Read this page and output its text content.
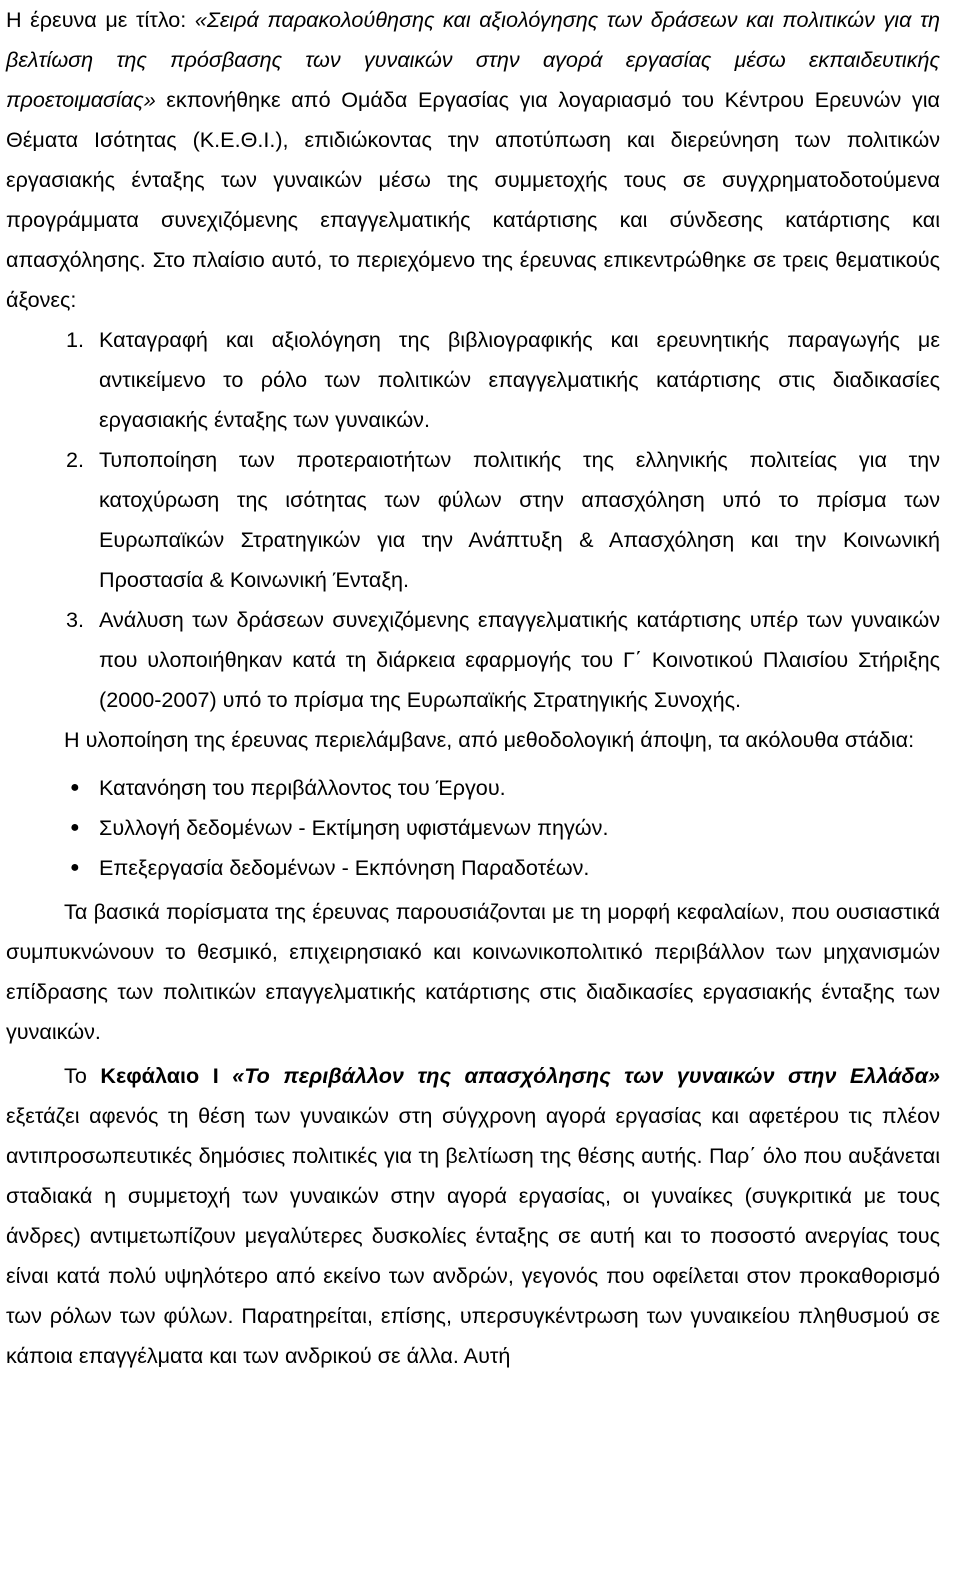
Η έρευνα με τίτλο: «Σειρά παρακολούθησης και αξιολόγησης των δράσεων και πολιτικών για τη βελτίωση της πρόσβασης των γυναικών στην αγορά εργασίας μέσω εκπαιδευτικής προετοιμασίας» εκπονήθηκε από Ομάδα Εργασίας για λογαριασμό του Κέντρου Ερευνών για Θέματα Ισότητας (Κ.Ε.Θ.Ι.), επιδιώκοντας την αποτύπωση και διερεύνηση των πολιτικών εργασιακής ένταξης των γυναικών μέσω της συμμετοχής τους σε συγχρηματοδοτούμενα προγράμματα συνεχιζόμενης επαγγελματικής κατάρτισης και σύνδεσης κατάρτισης και απασχόλησης. Στο πλαίσιο αυτό, το περιεχόμενο της έρευνας επικεντρώθηκε σε τρεις θεματικούς άξονες:

1. Καταγραφή και αξιολόγηση της βιβλιογραφικής και ερευνητικής παραγωγής με αντικείμενο το ρόλο των πολιτικών επαγγελματικής κατάρτισης στις διαδικασίες εργασιακής ένταξης των γυναικών.

2. Τυποποίηση των προτεραιοτήτων πολιτικής της ελληνικής πολιτείας για την κατοχύρωση της ισότητας των φύλων στην απασχόληση υπό το πρίσμα των Ευρωπαϊκών Στρατηγικών για την Ανάπτυξη & Απασχόληση και την Κοινωνική Προστασία & Κοινωνική Ένταξη.

3. Ανάλυση των δράσεων συνεχιζόμενης επαγγελματικής κατάρτισης υπέρ των γυναικών που υλοποιήθηκαν κατά τη διάρκεια εφαρμογής του Γ΄ Κοινοτικού Πλαισίου Στήριξης (2000-2007) υπό το πρίσμα της Ευρωπαϊκής Στρατηγικής Συνοχής.

Η υλοποίηση της έρευνας περιελάμβανε, από μεθοδολογική άποψη, τα ακόλουθα στάδια:

● Κατανόηση του περιβάλλοντος του Έργου.

● Συλλογή δεδομένων - Εκτίμηση υφιστάμενων πηγών.

● Επεξεργασία δεδομένων - Εκπόνηση Παραδοτέων.

Τα βασικά πορίσματα της έρευνας παρουσιάζονται με τη μορφή κεφαλαίων, που ουσιαστικά συμπυκνώνουν το θεσμικό, επιχειρησιακό και κοινωνικοπολιτικό περιβάλλον των μηχανισμών επίδρασης των πολιτικών επαγγελματικής κατάρτισης στις διαδικασίες εργασιακής ένταξης των γυναικών.

Το Κεφάλαιο Ι «Το περιβάλλον της απασχόλησης των γυναικών στην Ελλάδα» εξετάζει αφενός τη θέση των γυναικών στη σύγχρονη αγορά εργασίας και αφετέρου τις πλέον αντιπροσωπευτικές δημόσιες πολιτικές για τη βελτίωση της θέσης αυτής. Παρ΄ όλο που αυξάνεται σταδιακά η συμμετοχή των γυναικών στην αγορά εργασίας, οι γυναίκες (συγκριτικά με τους άνδρες) αντιμετωπίζουν μεγαλύτερες δυσκολίες ένταξης σε αυτή και το ποσοστό ανεργίας τους είναι κατά πολύ υψηλότερο από εκείνο των ανδρών, γεγονός που οφείλεται στον προκαθορισμό των ρόλων των φύλων. Παρατηρείται, επίσης, υπερσυγκέντρωση των γυναικείου πληθυσμού σε κάποια επαγγέλματα και των ανδρικού σε άλλα. Αυτή
